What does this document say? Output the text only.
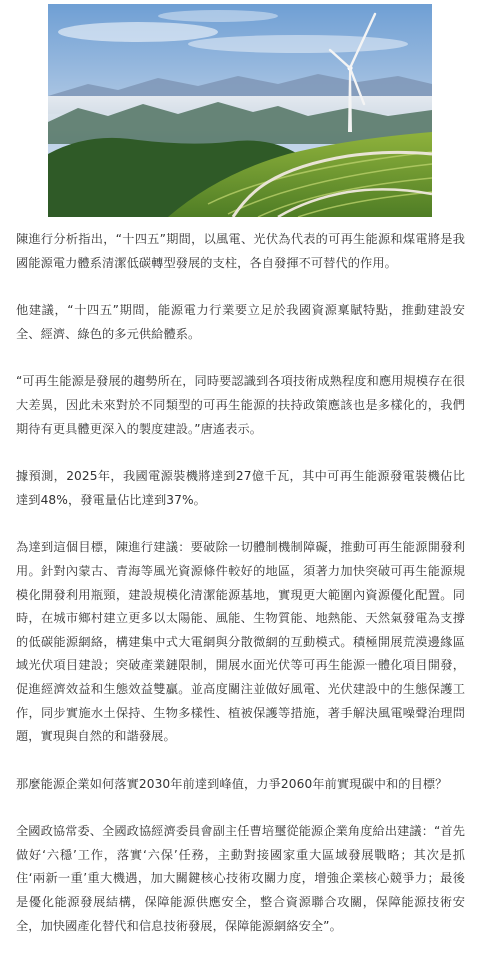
陳進行分析指出，“十四五”期間，以風電、光伏為代表的可再生能源和煤電將是我國能源電力體系清潔低碳轉型發展的支柱，各自發揮不可替代的作用。

他建議，“十四五”期間，能源電力行業要立足於我國資源稟賦特點，推動建設安全、經濟、綠色的多元供給體系。

“可再生能源是發展的趨勢所在，同時要認識到各項技術成熟程度和應用規模存在很大差異，因此未來對於不同類型的可再生能源的扶持政策應該也是多樣化的，我們期待有更具體更深入的製度建設。”唐遙表示。

據預測，2025年，我國電源裝機將達到27億千瓦，其中可再生能源發電裝機佔比達到48%，發電量佔比達到37%。

為達到這個目標，陳進行建議：要破除一切體制機制障礙，推動可再生能源開發利用。針對內蒙古、青海等風光資源條件較好的地區，須著力加快突破可再生能源規模化開發利用瓶頸，建設規模化清潔能源基地，實現更大範圍內資源優化配置。同時，在城市鄉村建立更多以太陽能、風能、生物質能、地熱能、天然氣發電為支撐的低碳能源網絡，構建集中式大電網與分散微網的互動模式。積極開展荒漠邊緣區域光伏項目建設；突破產業鏈限制，開展水面光伏等可再生能源一體化項目開發，促進經濟效益和生態效益雙贏。並高度關注並做好風電、光伏建設中的生態保護工作，同步實施水土保持、生物多樣性、植被保護等措施，著手解決風電噪聲治理問題，實現與自然的和諧發展。

那麼能源企業如何落實2030年前達到峰值，力爭2060年前實現碳中和的目標？

全國政協常委、全國政協經濟委員會副主任曹培璽從能源企業角度給出建議：“首先做好‘六穩’工作，落實‘六保’任務，主動對接國家重大區域發展戰略；其次是抓住‘兩新一重’重大機遇，加大關鍵核心技術攻關力度，增強企業核心競爭力；最後是優化能源發展結構，保障能源供應安全，整合資源聯合攻關，保障能源技術安全，加快國產化替代和信息技術發展，保障能源網絡安全”。
